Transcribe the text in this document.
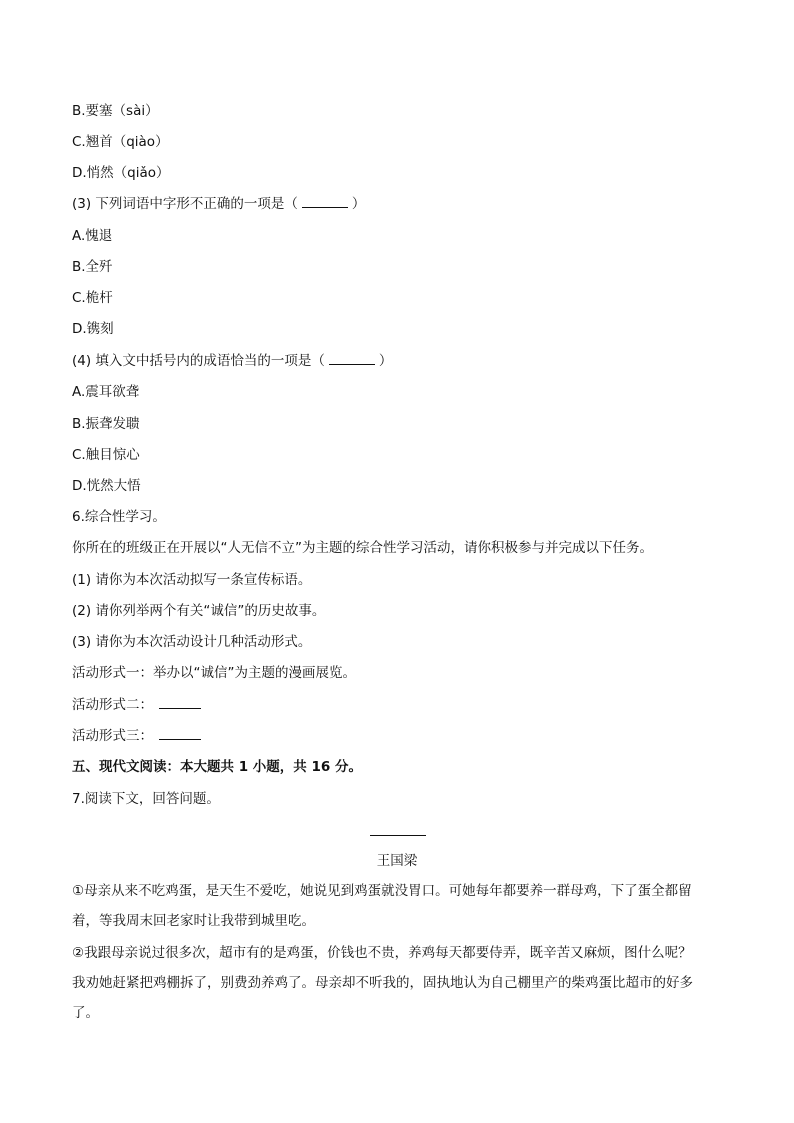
B.要塞（sài）
C.翘首（qiào）
D.悄然（qiǎo）
(3) 下列词语中字形不正确的一项是（	）
A.愧退
B.全歼
C.桅杆
D.镌刻
(4) 填入文中括号内的成语恰当的一项是（	）
A.震耳欲聋
B.振聋发聩
C.触目惊心
D.恍然大悟
6.综合性学习。
你所在的班级正在开展以“人无信不立”为主题的综合性学习活动，请你积极参与并完成以下任务。
(1) 请你为本次活动拟写一条宣传标语。
(2) 请你列举两个有关“诚信”的历史故事。
(3) 请你为本次活动设计几种活动形式。
活动形式一：举办以“诚信”为主题的漫画展览。
活动形式二：
活动形式三：
五、现代文阅读：本大题共 1 小题，共 16 分。
7.阅读下文，回答问题。
王国梁
①母亲从来不吃鸡蛋，是天生不爱吃，她说见到鸡蛋就没胃口。可她每年都要养一群母鸡，下了蛋全都留
着，等我周末回老家时让我带到城里吃。
②我跟母亲说过很多次，超市有的是鸡蛋，价钱也不贵，养鸡每天都要侍弄，既辛苦又麻烦，图什么呢？
我劝她赶紧把鸡棚拆了，别费劲养鸡了。母亲却不听我的，固执地认为自己棚里产的柴鸡蛋比超市的好多
了。
